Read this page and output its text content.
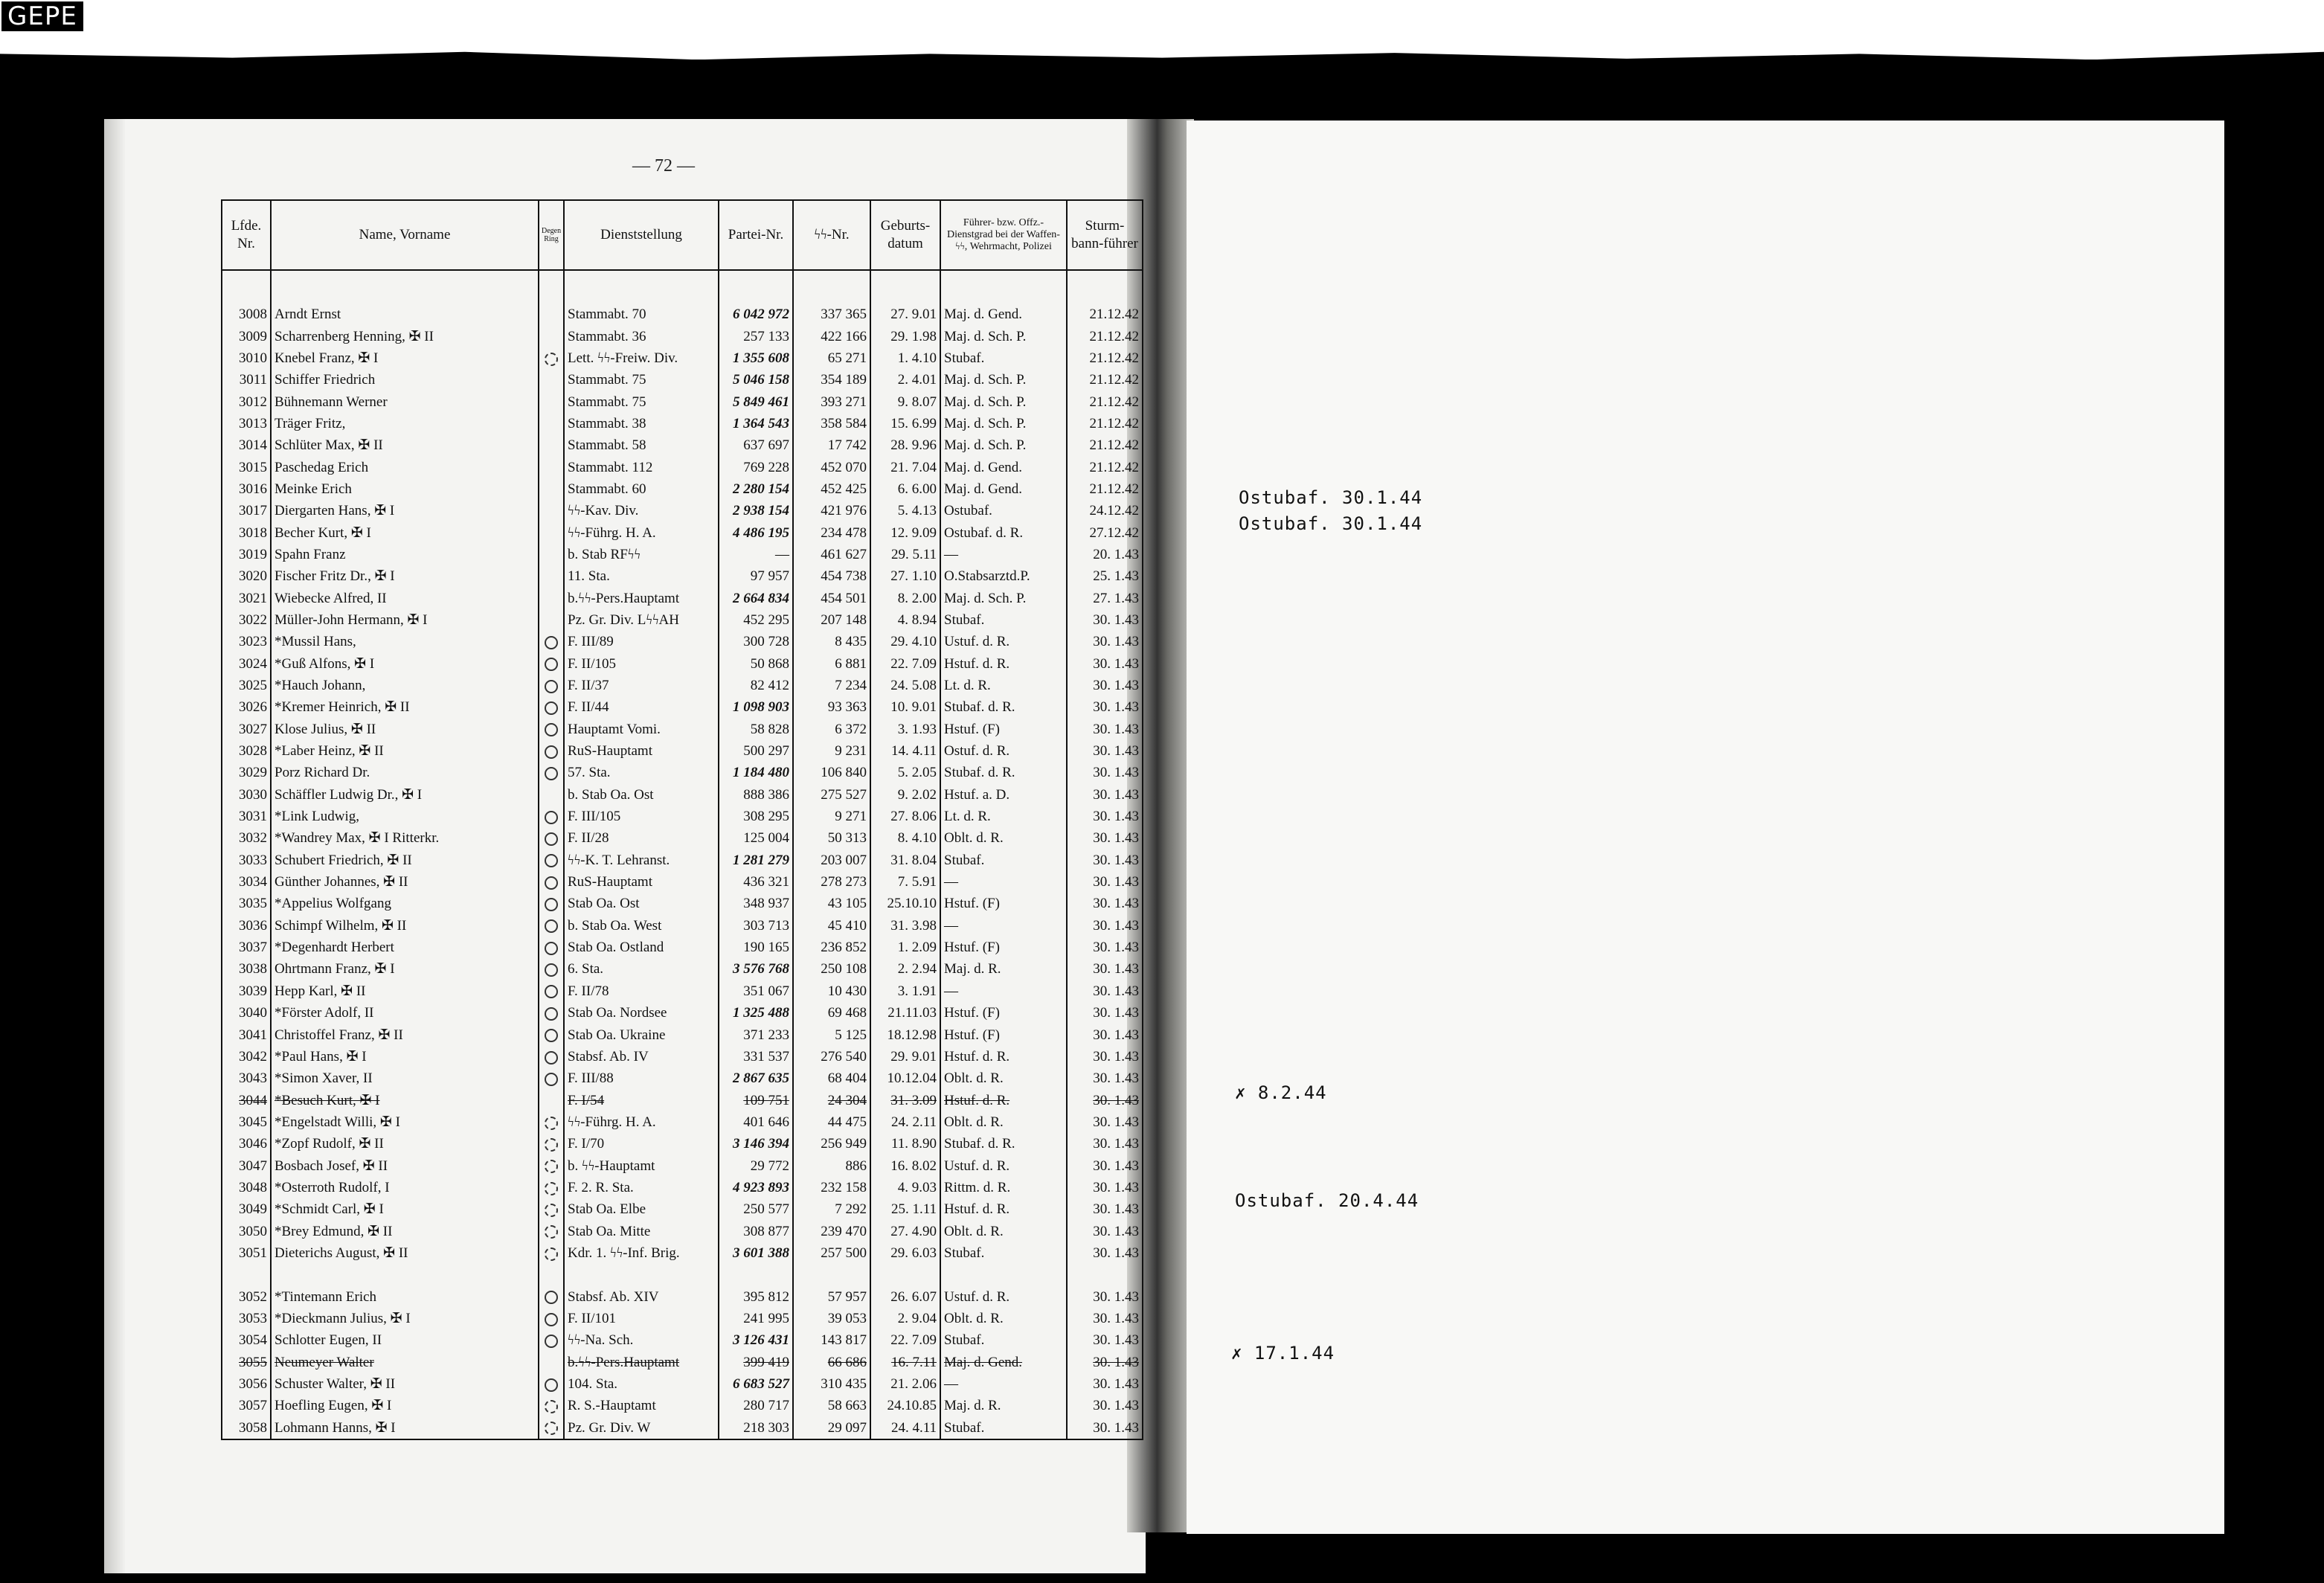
GEPE
— 72 —
Lfde. Nr.	Name, Vorname	Degen Ring	Dienststellung	Partei-Nr.	ϟϟ-Nr.	Geburts-datum	Führer- bzw. Offz.-Dienstgrad bei der Waffen-ϟϟ, Wehrmacht, Polizei	Sturm-bann-führer

3008	Arndt Ernst		Stammabt. 70	6 042 972	337 365	27. 9.01	Maj. d. Gend.	21.12.42
3009	Scharrenberg Henning, ✠ II		Stammabt. 36	257 133	422 166	29. 1.98	Maj. d. Sch. P.	21.12.42
3010	Knebel Franz, ✠ I		Lett. ϟϟ-Freiw. Div.	1 355 608	65 271	1. 4.10	Stubaf.	21.12.42
3011	Schiffer Friedrich		Stammabt. 75	5 046 158	354 189	2. 4.01	Maj. d. Sch. P.	21.12.42
3012	Bühnemann Werner		Stammabt. 75	5 849 461	393 271	9. 8.07	Maj. d. Sch. P.	21.12.42
3013	Träger Fritz,		Stammabt. 38	1 364 543	358 584	15. 6.99	Maj. d. Sch. P.	21.12.42
3014	Schlüter Max, ✠ II		Stammabt. 58	637 697	17 742	28. 9.96	Maj. d. Sch. P.	21.12.42
3015	Paschedag Erich		Stammabt. 112	769 228	452 070	21. 7.04	Maj. d. Gend.	21.12.42
3016	Meinke Erich		Stammabt. 60	2 280 154	452 425	6. 6.00	Maj. d. Gend.	21.12.42
3017	Diergarten Hans, ✠ I		ϟϟ-Kav. Div.	2 938 154	421 976	5. 4.13	Ostubaf.	24.12.42
3018	Becher Kurt, ✠ I		ϟϟ-Führg. H. A.	4 486 195	234 478	12. 9.09	Ostubaf. d. R.	27.12.42
3019	Spahn Franz		b. Stab RFϟϟ	—	461 627	29. 5.11	—	20. 1.43
3020	Fischer Fritz Dr., ✠ I		11. Sta.	97 957	454 738	27. 1.10	O.Stabsarztd.P.	25. 1.43
3021	Wiebecke Alfred, II		b.ϟϟ-Pers.Hauptamt	2 664 834	454 501	8. 2.00	Maj. d. Sch. P.	27. 1.43
3022	Müller-John Hermann, ✠ I		Pz. Gr. Div. LϟϟAH	452 295	207 148	4. 8.94	Stubaf.	30. 1.43
3023	*Mussil Hans,		F. III/89	300 728	8 435	29. 4.10	Ustuf. d. R.	30. 1.43
3024	*Guß Alfons, ✠ I		F. II/105	50 868	6 881	22. 7.09	Hstuf. d. R.	30. 1.43
3025	*Hauch Johann,		F. II/37	82 412	7 234	24. 5.08	Lt. d. R.	30. 1.43
3026	*Kremer Heinrich, ✠ II		F. II/44	1 098 903	93 363	10. 9.01	Stubaf. d. R.	30. 1.43
3027	Klose Julius, ✠ II		Hauptamt Vomi.	58 828	6 372	3. 1.93	Hstuf. (F)	30. 1.43
3028	*Laber Heinz, ✠ II		RuS-Hauptamt	500 297	9 231	14. 4.11	Ostuf. d. R.	30. 1.43
3029	Porz Richard Dr.		57. Sta.	1 184 480	106 840	5. 2.05	Stubaf. d. R.	30. 1.43
3030	Schäffler Ludwig Dr., ✠ I		b. Stab Oa. Ost	888 386	275 527	9. 2.02	Hstuf. a. D.	30. 1.43
3031	*Link Ludwig,		F. III/105	308 295	9 271	27. 8.06	Lt. d. R.	30. 1.43
3032	*Wandrey Max, ✠ I Ritterkr.		F. II/28	125 004	50 313	8. 4.10	Oblt. d. R.	30. 1.43
3033	Schubert Friedrich, ✠ II		ϟϟ-K. T. Lehranst.	1 281 279	203 007	31. 8.04	Stubaf.	30. 1.43
3034	Günther Johannes, ✠ II		RuS-Hauptamt	436 321	278 273	7. 5.91	—	30. 1.43
3035	*Appelius Wolfgang		Stab Oa. Ost	348 937	43 105	25.10.10	Hstuf. (F)	30. 1.43
3036	Schimpf Wilhelm, ✠ II		b. Stab Oa. West	303 713	45 410	31. 3.98	—	30. 1.43
3037	*Degenhardt Herbert		Stab Oa. Ostland	190 165	236 852	1. 2.09	Hstuf. (F)	30. 1.43
3038	Ohrtmann Franz, ✠ I		6. Sta.	3 576 768	250 108	2. 2.94	Maj. d. R.	30. 1.43
3039	Hepp Karl, ✠ II		F. II/78	351 067	10 430	3. 1.91	—	30. 1.43
3040	*Förster Adolf, II		Stab Oa. Nordsee	1 325 488	69 468	21.11.03	Hstuf. (F)	30. 1.43
3041	Christoffel Franz, ✠ II		Stab Oa. Ukraine	371 233	5 125	18.12.98	Hstuf. (F)	30. 1.43
3042	*Paul Hans, ✠ I		Stabsf. Ab. IV	331 537	276 540	29. 9.01	Hstuf. d. R.	30. 1.43
3043	*Simon Xaver, II		F. III/88	2 867 635	68 404	10.12.04	Oblt. d. R.	30. 1.43
3044	*Besuch Kurt, ✠ I		F. I/54	109 751	24 304	31. 3.09	Hstuf. d. R.	30. 1.43
3045	*Engelstadt Willi, ✠ I		ϟϟ-Führg. H. A.	401 646	44 475	24. 2.11	Oblt. d. R.	30. 1.43
3046	*Zopf Rudolf, ✠ II		F. I/70	3 146 394	256 949	11. 8.90	Stubaf. d. R.	30. 1.43
3047	Bosbach Josef, ✠ II		b. ϟϟ-Hauptamt	29 772	886	16. 8.02	Ustuf. d. R.	30. 1.43
3048	*Osterroth Rudolf, I		F. 2. R. Sta.	4 923 893	232 158	4. 9.03	Rittm. d. R.	30. 1.43
3049	*Schmidt Carl, ✠ I		Stab Oa. Elbe	250 577	7 292	25. 1.11	Hstuf. d. R.	30. 1.43
3050	*Brey Edmund, ✠ II		Stab Oa. Mitte	308 877	239 470	27. 4.90	Oblt. d. R.	30. 1.43
3051	Dieterichs August, ✠ II		Kdr. 1. ϟϟ-Inf. Brig.	3 601 388	257 500	29. 6.03	Stubaf.	30. 1.43

3052	*Tintemann Erich		Stabsf. Ab. XIV	395 812	57 957	26. 6.07	Ustuf. d. R.	30. 1.43
3053	*Dieckmann Julius, ✠ I		F. II/101	241 995	39 053	2. 9.04	Oblt. d. R.	30. 1.43
3054	Schlotter Eugen, II		ϟϟ-Na. Sch.	3 126 431	143 817	22. 7.09	Stubaf.	30. 1.43
3055	Neumeyer Walter		b.ϟϟ-Pers.Hauptamt	399 419	66 686	16. 7.11	Maj. d. Gend.	30. 1.43
3056	Schuster Walter, ✠ II		104. Sta.	6 683 527	310 435	21. 2.06	—	30. 1.43
3057	Hoefling Eugen, ✠ I		R. S.-Hauptamt	280 717	58 663	24.10.85	Maj. d. R.	30. 1.43
3058	Lohmann Hanns, ✠ I		Pz. Gr. Div. W	218 303	29 097	24. 4.11	Stubaf.	30. 1.43
Ostubaf. 30.1.44
Ostubaf. 30.1.44
✗ 8.2.44
Ostubaf. 20.4.44
✗ 17.1.44
